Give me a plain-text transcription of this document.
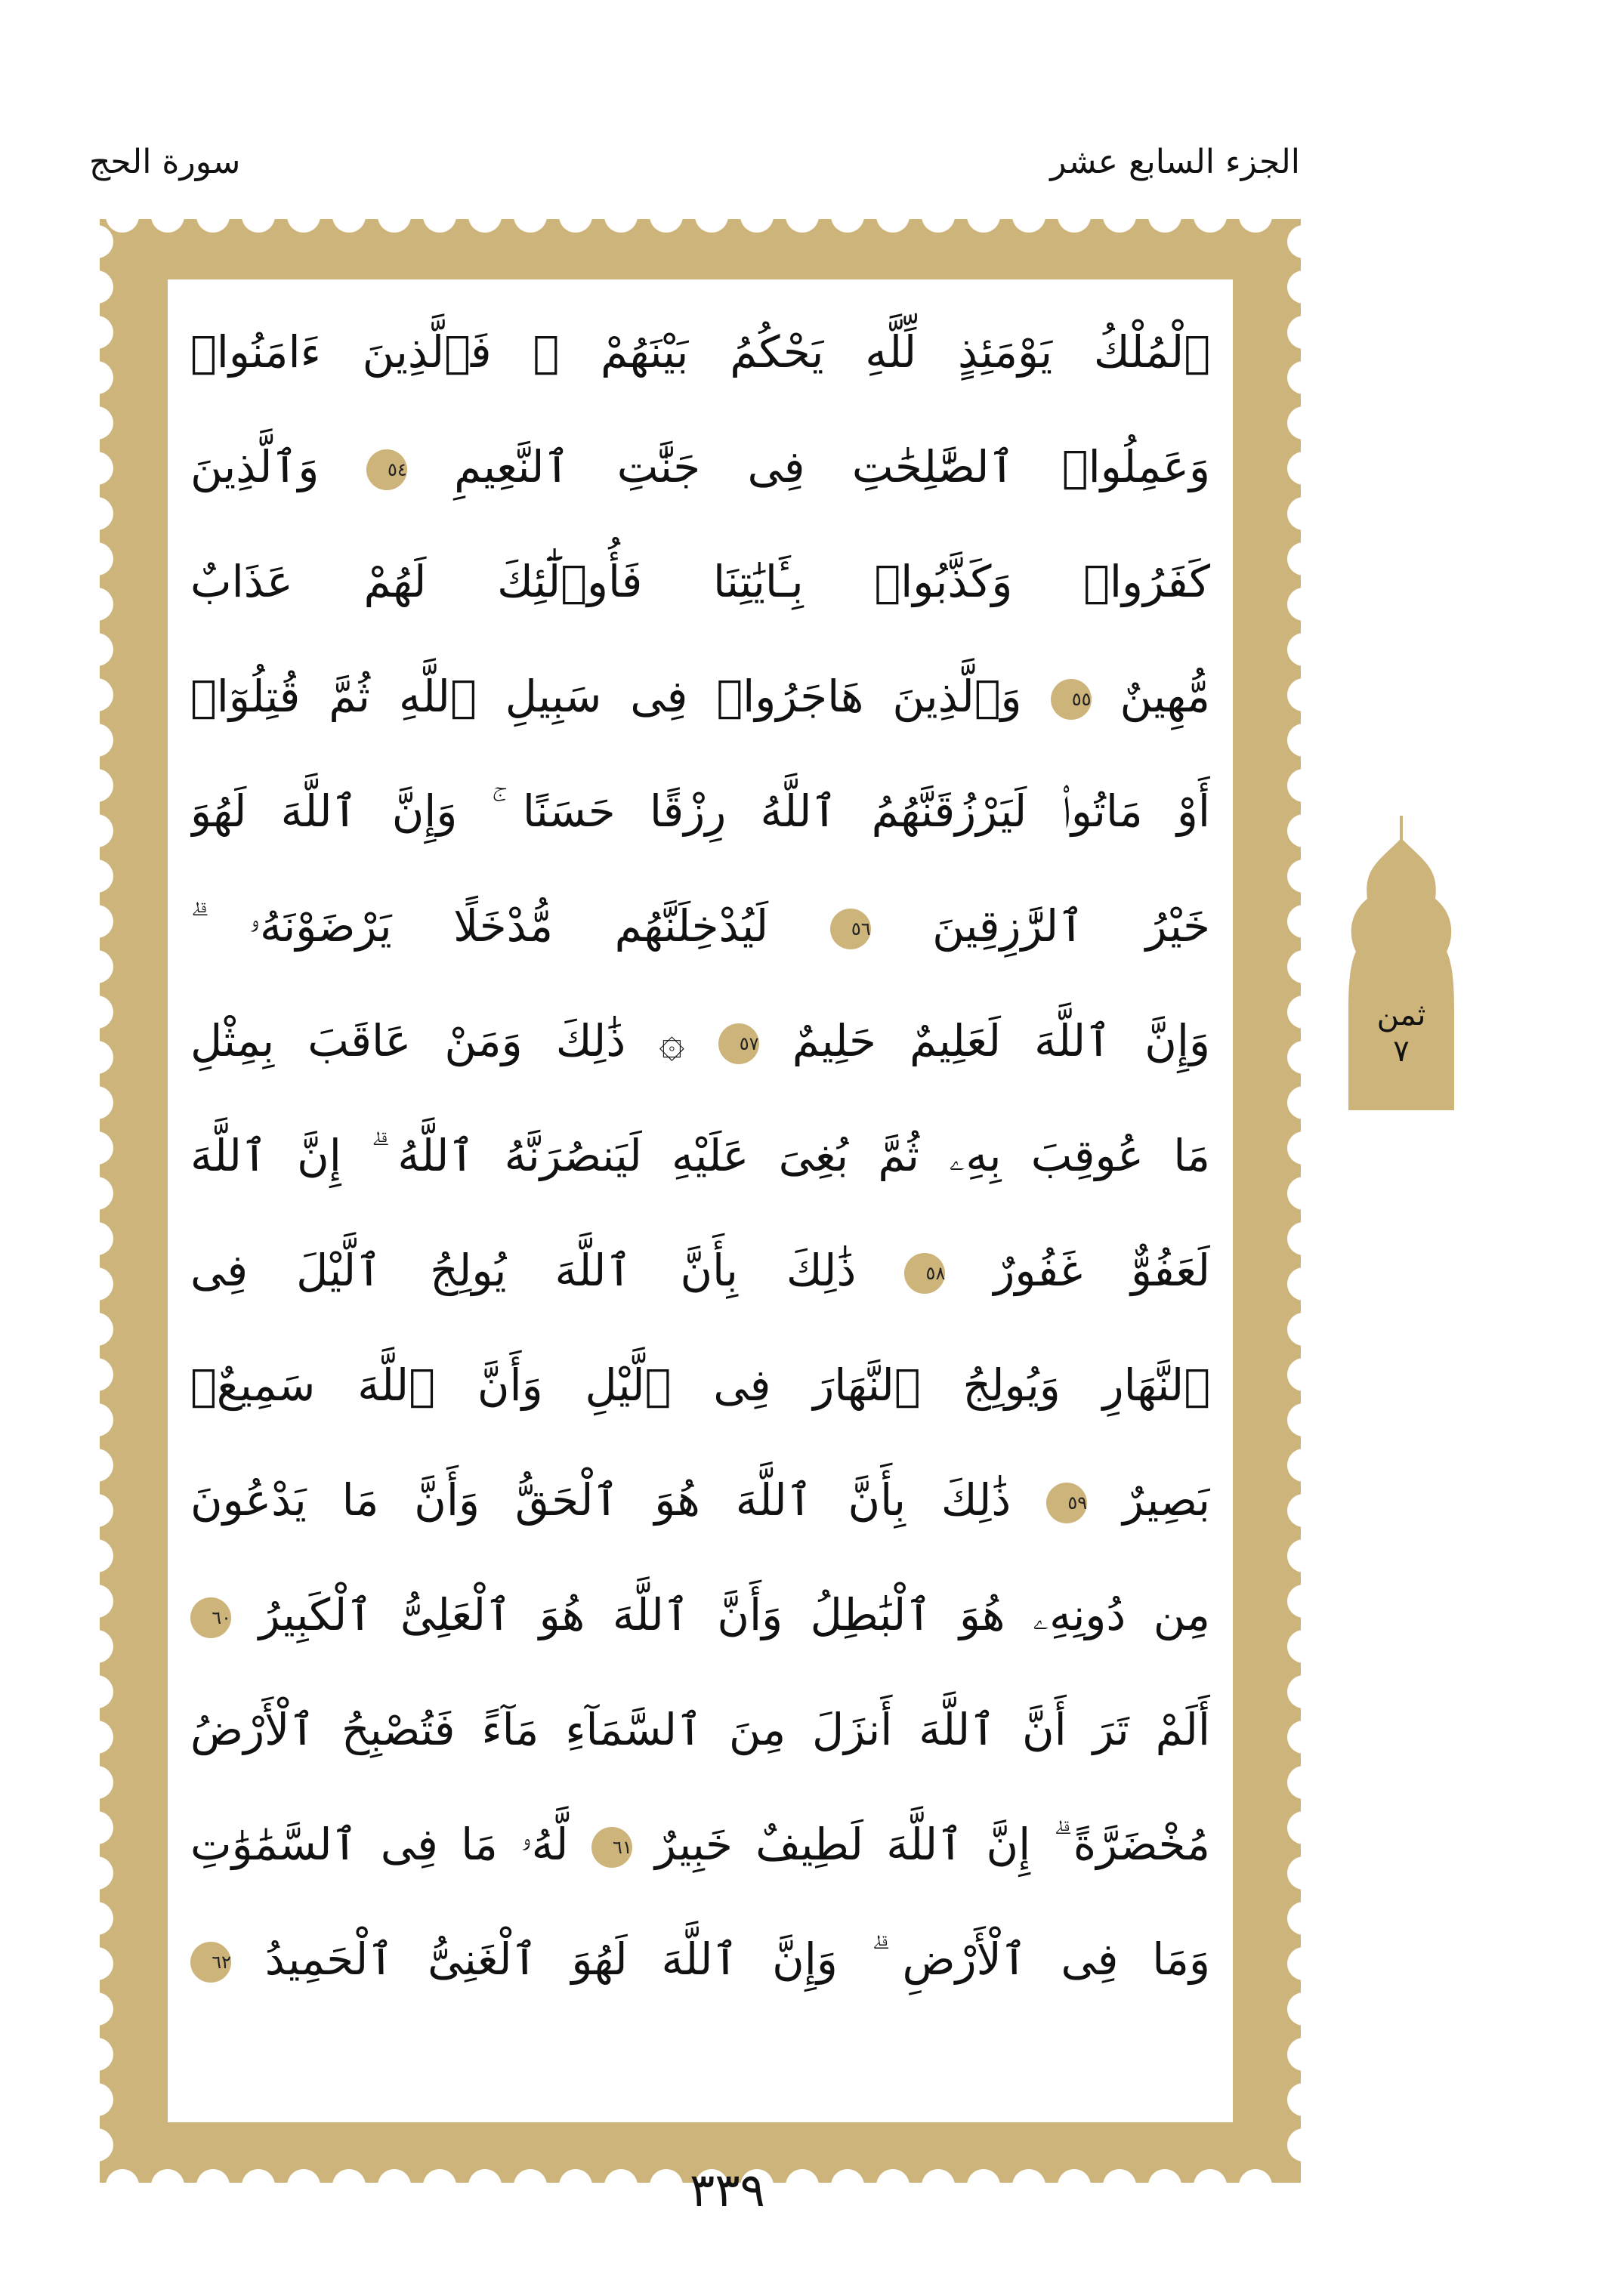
سورة الحج	الجزء السابع عشر
ٱلْمُلْكُ يَوْمَئِذٍ لِّلَّهِ يَحْكُمُ بَيْنَهُمْ ۚ فَٱلَّذِينَ ءَامَنُوا۟
وَعَمِلُوا۟ ٱلصَّٰلِحَٰتِ فِى جَنَّٰتِ ٱلنَّعِيمِ ٥٤ وَٱلَّذِينَ
كَفَرُوا۟ وَكَذَّبُوا۟ بِـَٔايَٰتِنَا فَأُو۟لَٰٓئِكَ لَهُمْ عَذَابٌ
مُّهِينٌ ٥٥ وَٱلَّذِينَ هَاجَرُوا۟ فِى سَبِيلِ ٱللَّهِ ثُمَّ قُتِلُوٓا۟
أَوْ مَاتُوا۟ لَيَرْزُقَنَّهُمُ ٱللَّهُ رِزْقًا حَسَنًا ۚ وَإِنَّ ٱللَّهَ لَهُوَ
خَيْرُ ٱلرَّٰزِقِينَ ٥٦ لَيُدْخِلَنَّهُم مُّدْخَلًا يَرْضَوْنَهُۥ ۗ
وَإِنَّ ٱللَّهَ لَعَلِيمٌ حَلِيمٌ ٥٧ ۞ ذَٰلِكَ وَمَنْ عَاقَبَ بِمِثْلِ
مَا عُوقِبَ بِهِۦ ثُمَّ بُغِىَ عَلَيْهِ لَيَنصُرَنَّهُ ٱللَّهُ ۗ إِنَّ ٱللَّهَ
لَعَفُوٌّ غَفُورٌ ٥٨ ذَٰلِكَ بِأَنَّ ٱللَّهَ يُولِجُ ٱلَّيْلَ فِى
ٱلنَّهَارِ وَيُولِجُ ٱلنَّهَارَ فِى ٱلَّيْلِ وَأَنَّ ٱللَّهَ سَمِيعٌۢ
بَصِيرٌ ٥٩ ذَٰلِكَ بِأَنَّ ٱللَّهَ هُوَ ٱلْحَقُّ وَأَنَّ مَا يَدْعُونَ
مِن دُونِهِۦ هُوَ ٱلْبَٰطِلُ وَأَنَّ ٱللَّهَ هُوَ ٱلْعَلِىُّ ٱلْكَبِيرُ ٦٠
أَلَمْ تَرَ أَنَّ ٱللَّهَ أَنزَلَ مِنَ ٱلسَّمَآءِ مَآءً فَتُصْبِحُ ٱلْأَرْضُ
مُخْضَرَّةً ۗ إِنَّ ٱللَّهَ لَطِيفٌ خَبِيرٌ ٦١ لَّهُۥ مَا فِى ٱلسَّمَٰوَٰتِ
وَمَا فِى ٱلْأَرْضِ ۗ وَإِنَّ ٱللَّهَ لَهُوَ ٱلْغَنِىُّ ٱلْحَمِيدُ ٦٢
ثمن
٧
٣٣٩
